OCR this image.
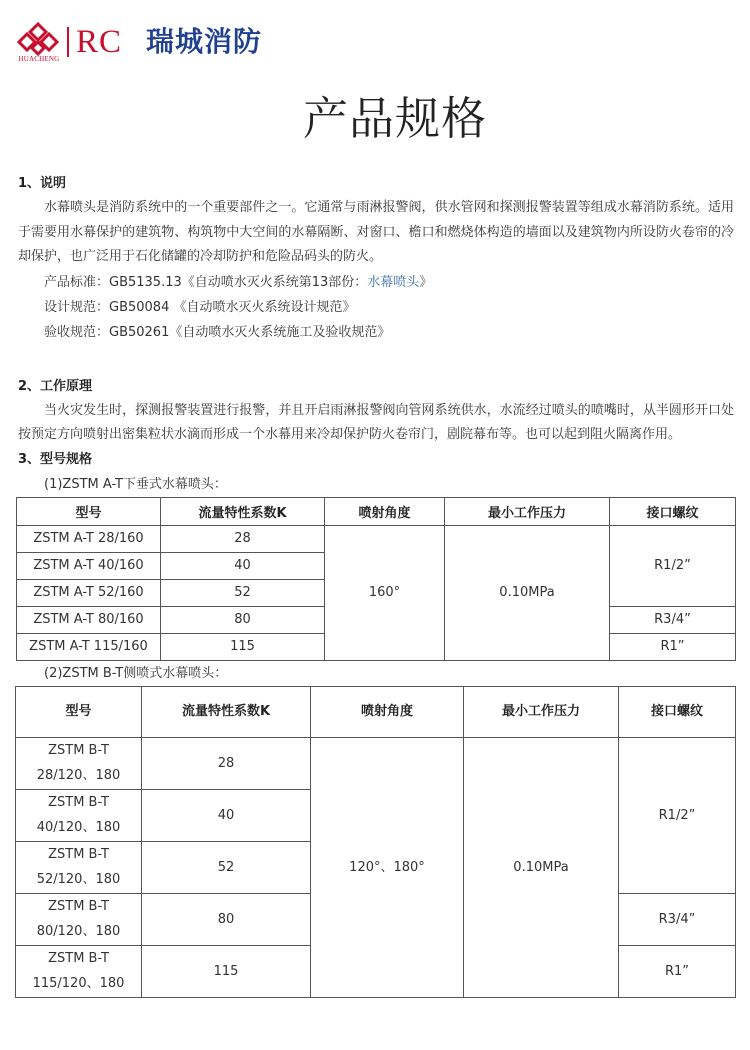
HUACHENG RC 瑞城消防
产品规格
1、说明

水幕喷头是消防系统中的一个重要部件之一。它通常与雨淋报警阀，供水管网和探测报警装置等组成水幕消防系统。适用于需要用水幕保护的建筑物、构筑物中大空间的水幕隔断、对窗口、檐口和燃烧体构造的墙面以及建筑物内所设防火卷帘的冷却保护，也广泛用于石化储罐的冷却防护和危险品码头的防火。

产品标准：GB5135.13《自动喷水灭火系统第13部份：水幕喷头》
设计规范：GB50084 《自动喷水灭火系统设计规范》
验收规范：GB50261《自动喷水灭火系统施工及验收规范》
2、工作原理

当火灾发生时，探测报警装置进行报警，并且开启雨淋报警阀向管网系统供水，水流经过喷头的喷嘴时，从半圆形开口处按预定方向喷射出密集粒状水滴而形成一个水幕用来冷却保护防火卷帘门，剧院幕布等。也可以起到阻火隔离作用。

3、型号规格
(1)ZSTM A-T下垂式水幕喷头：
型号	流量特性系数K	喷射角度	最小工作压力	接口螺纹
ZSTM A-T 28/160	28	160°	0.10MPa	R1/2”
ZSTM A-T 40/160	40			
ZSTM A-T 52/160	52			
ZSTM A-T 80/160	80			R3/4”
ZSTM A-T 115/160	115			R1”
(2)ZSTM B-T侧喷式水幕喷头：
型号	流量特性系数K	喷射角度	最小工作压力	接口螺纹
ZSTM B-T 28/120、180	28	120°、180°	0.10MPa	R1/2”
ZSTM B-T 40/120、180	40			
ZSTM B-T 52/120、180	52			
ZSTM B-T 80/120、180	80			R3/4”
ZSTM B-T 115/120、180	115			R1”
